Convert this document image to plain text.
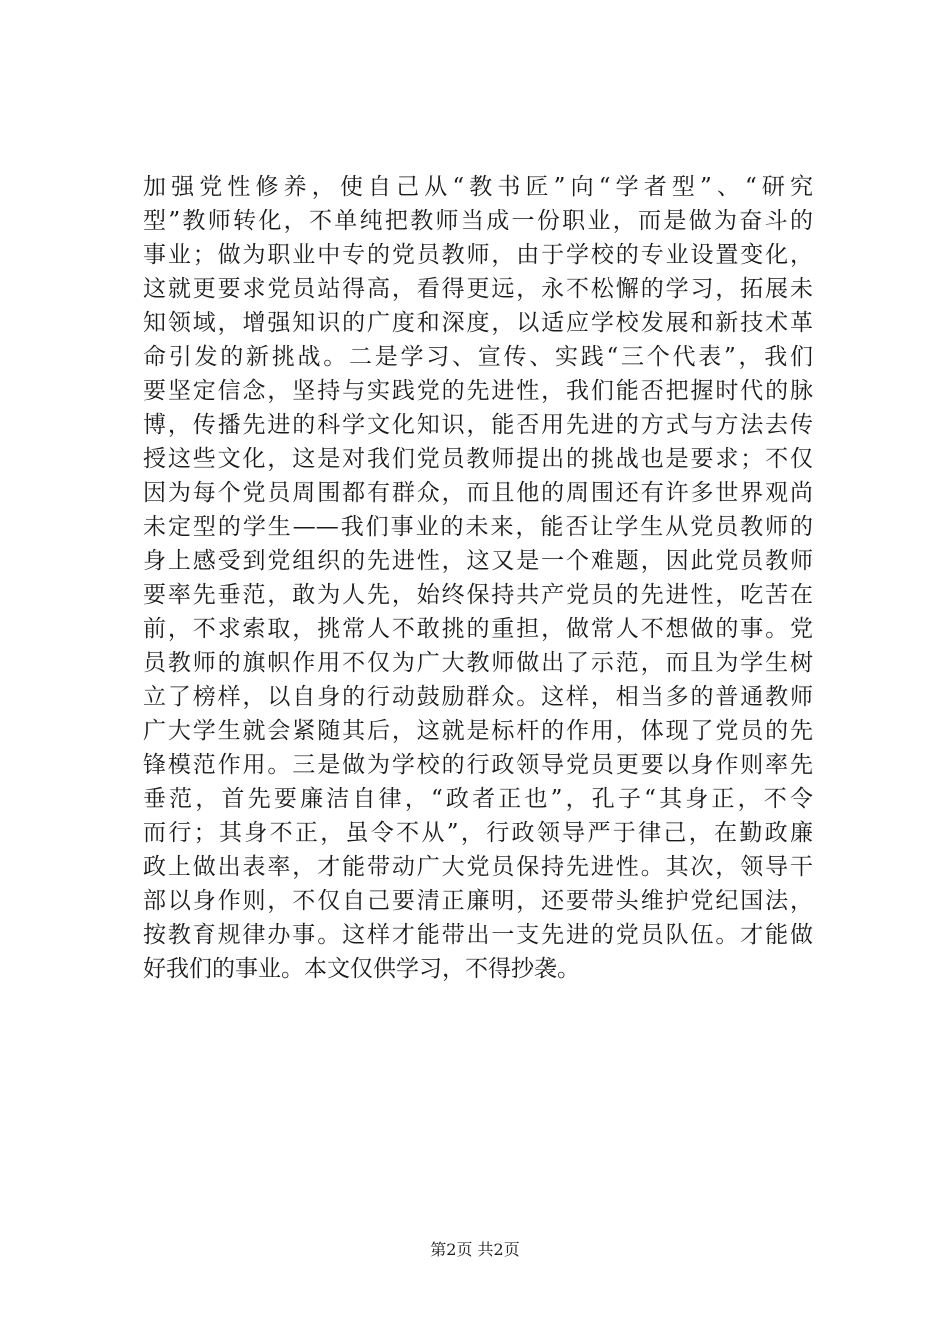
加强党性修养，使自己从“教书匠”向“学者型”、“研究
型”教师转化，不单纯把教师当成一份职业，而是做为奋斗的
事业；做为职业中专的党员教师，由于学校的专业设置变化，
这就更要求党员站得高，看得更远，永不松懈的学习，拓展未
知领域，增强知识的广度和深度，以适应学校发展和新技术革
命引发的新挑战。二是学习、宣传、实践“三个代表”，我们
要坚定信念，坚持与实践党的先进性，我们能否把握时代的脉
博，传播先进的科学文化知识，能否用先进的方式与方法去传
授这些文化，这是对我们党员教师提出的挑战也是要求；不仅
因为每个党员周围都有群众，而且他的周围还有许多世界观尚
未定型的学生——我们事业的未来，能否让学生从党员教师的
身上感受到党组织的先进性，这又是一个难题，因此党员教师
要率先垂范，敢为人先，始终保持共产党员的先进性，吃苦在
前，不求索取，挑常人不敢挑的重担，做常人不想做的事。党
员教师的旗帜作用不仅为广大教师做出了示范，而且为学生树
立了榜样，以自身的行动鼓励群众。这样，相当多的普通教师
广大学生就会紧随其后，这就是标杆的作用，体现了党员的先
锋模范作用。三是做为学校的行政领导党员更要以身作则率先
垂范，首先要廉洁自律，“政者正也”，孔子“其身正，不令
而行；其身不正，虽令不从”，行政领导严于律己，在勤政廉
政上做出表率，才能带动广大党员保持先进性。其次，领导干
部以身作则，不仅自己要清正廉明，还要带头维护党纪国法，
按教育规律办事。这样才能带出一支先进的党员队伍。才能做
好我们的事业。本文仅供学习，不得抄袭。
第2页 共2页
